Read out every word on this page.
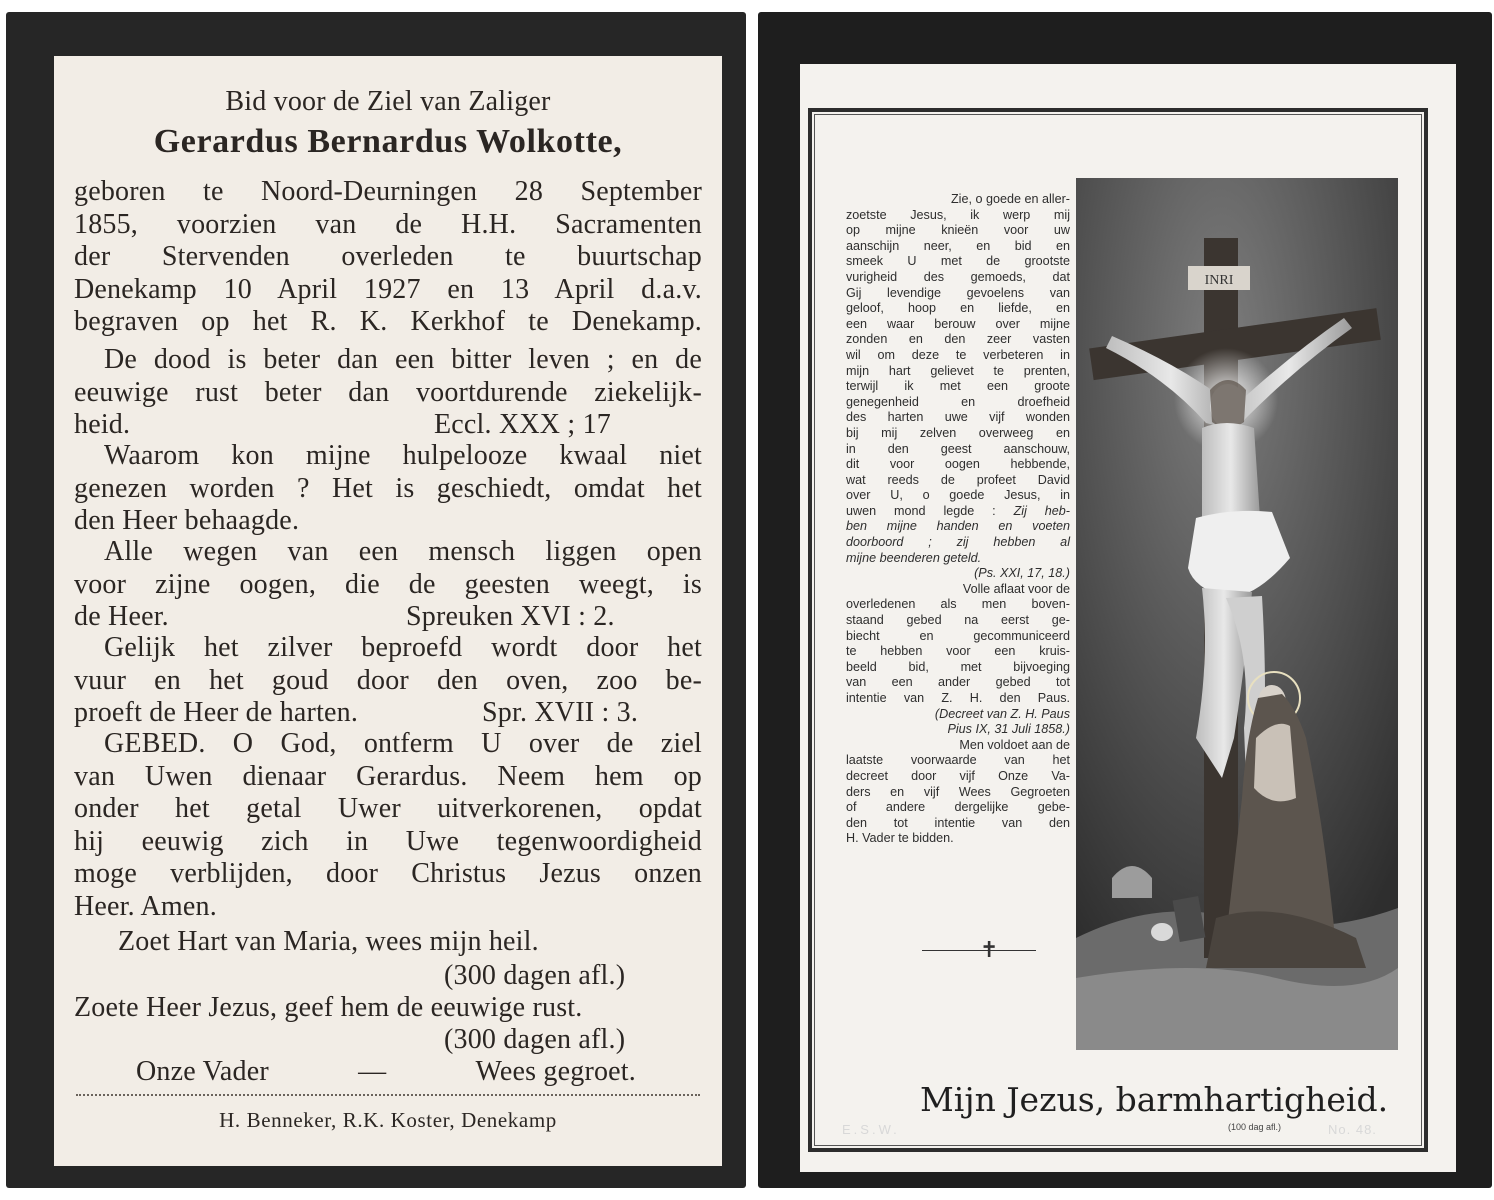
Bid voor de Ziel van Zaliger
Gerardus Bernardus Wolkotte,
geboren te Noord-Deurningen 28 September
1855, voorzien van de H.H. Sacramenten
der Stervenden overleden te buurtschap
Denekamp 10 April 1927 en 13 April d.a.v.
begraven op het R. K. Kerkhof te Denekamp.
De dood is beter dan een bitter leven ; en de
eeuwige rust beter dan voortdurende ziekelijk-
heid.	Eccl. XXX ; 17
Waarom kon mijne hulpelooze kwaal niet
genezen worden ? Het is geschiedt, omdat het
den Heer behaagde.
Alle wegen van een mensch liggen open
voor zijne oogen, die de geesten weegt, is
de Heer.	Spreuken XVI : 2.
Gelijk het zilver beproefd wordt door het
vuur en het goud door den oven, zoo be-
proeft de Heer de harten.	Spr. XVII : 3.
GEBED. O God, ontferm U over de ziel
van Uwen dienaar Gerardus. Neem hem op
onder het getal Uwer uitverkorenen, opdat
hij eeuwig zich in Uwe tegenwoordigheid
moge verblijden, door Christus Jezus onzen
Heer. Amen.
Zoet Hart van Maria, wees mijn heil.
(300 dagen afl.)
Zoete Heer Jezus, geef hem de eeuwige rust.
(300 dagen afl.)
Onze Vader	—	Wees gegroet.
H. Benneker, R.K. Koster, Denekamp
Zie, o goede en aller-
zoetste Jesus, ik werp mij
op mijne knieën voor uw
aanschijn neer, en bid en
smeek U met de grootste
vurigheid des gemoeds, dat
Gij levendige gevoelens van
geloof, hoop en liefde, en
een waar berouw over mijne
zonden en den zeer vasten
wil om deze te verbeteren in
mijn hart gelievet te prenten,
terwijl ik met een groote
genegenheid en droefheid
des harten uwe vijf wonden
bij mij zelven overweeg en
in den geest aanschouw,
dit voor oogen hebbende,
wat reeds de profeet David
over U, o goede Jesus, in
uwen mond legde : Zij heb-
ben mijne handen en voeten
doorboord ; zij hebben al
mijne beenderen geteld.
(Ps. XXI, 17, 18.)
Volle aflaat voor de
overledenen als men boven-
staand gebed na eerst ge-
biecht en gecommuniceerd
te hebben voor een kruis-
beeld bid, met bijvoeging
van een ander gebed tot
intentie van Z. H. den Paus.
(Decreet van Z. H. Paus
Pius IX, 31 Juli 1858.)
Men voldoet aan de
laatste voorwaarde van het
decreet door vijf Onze Va-
ders en vijf Wees Gegroeten
of andere dergelijke gebe-
den tot intentie van den
H. Vader te bidden.
✝
INRI
Mijn Jezus, barmhartigheid.
(100 dag afl.)
E.S.W.	No. 48.
